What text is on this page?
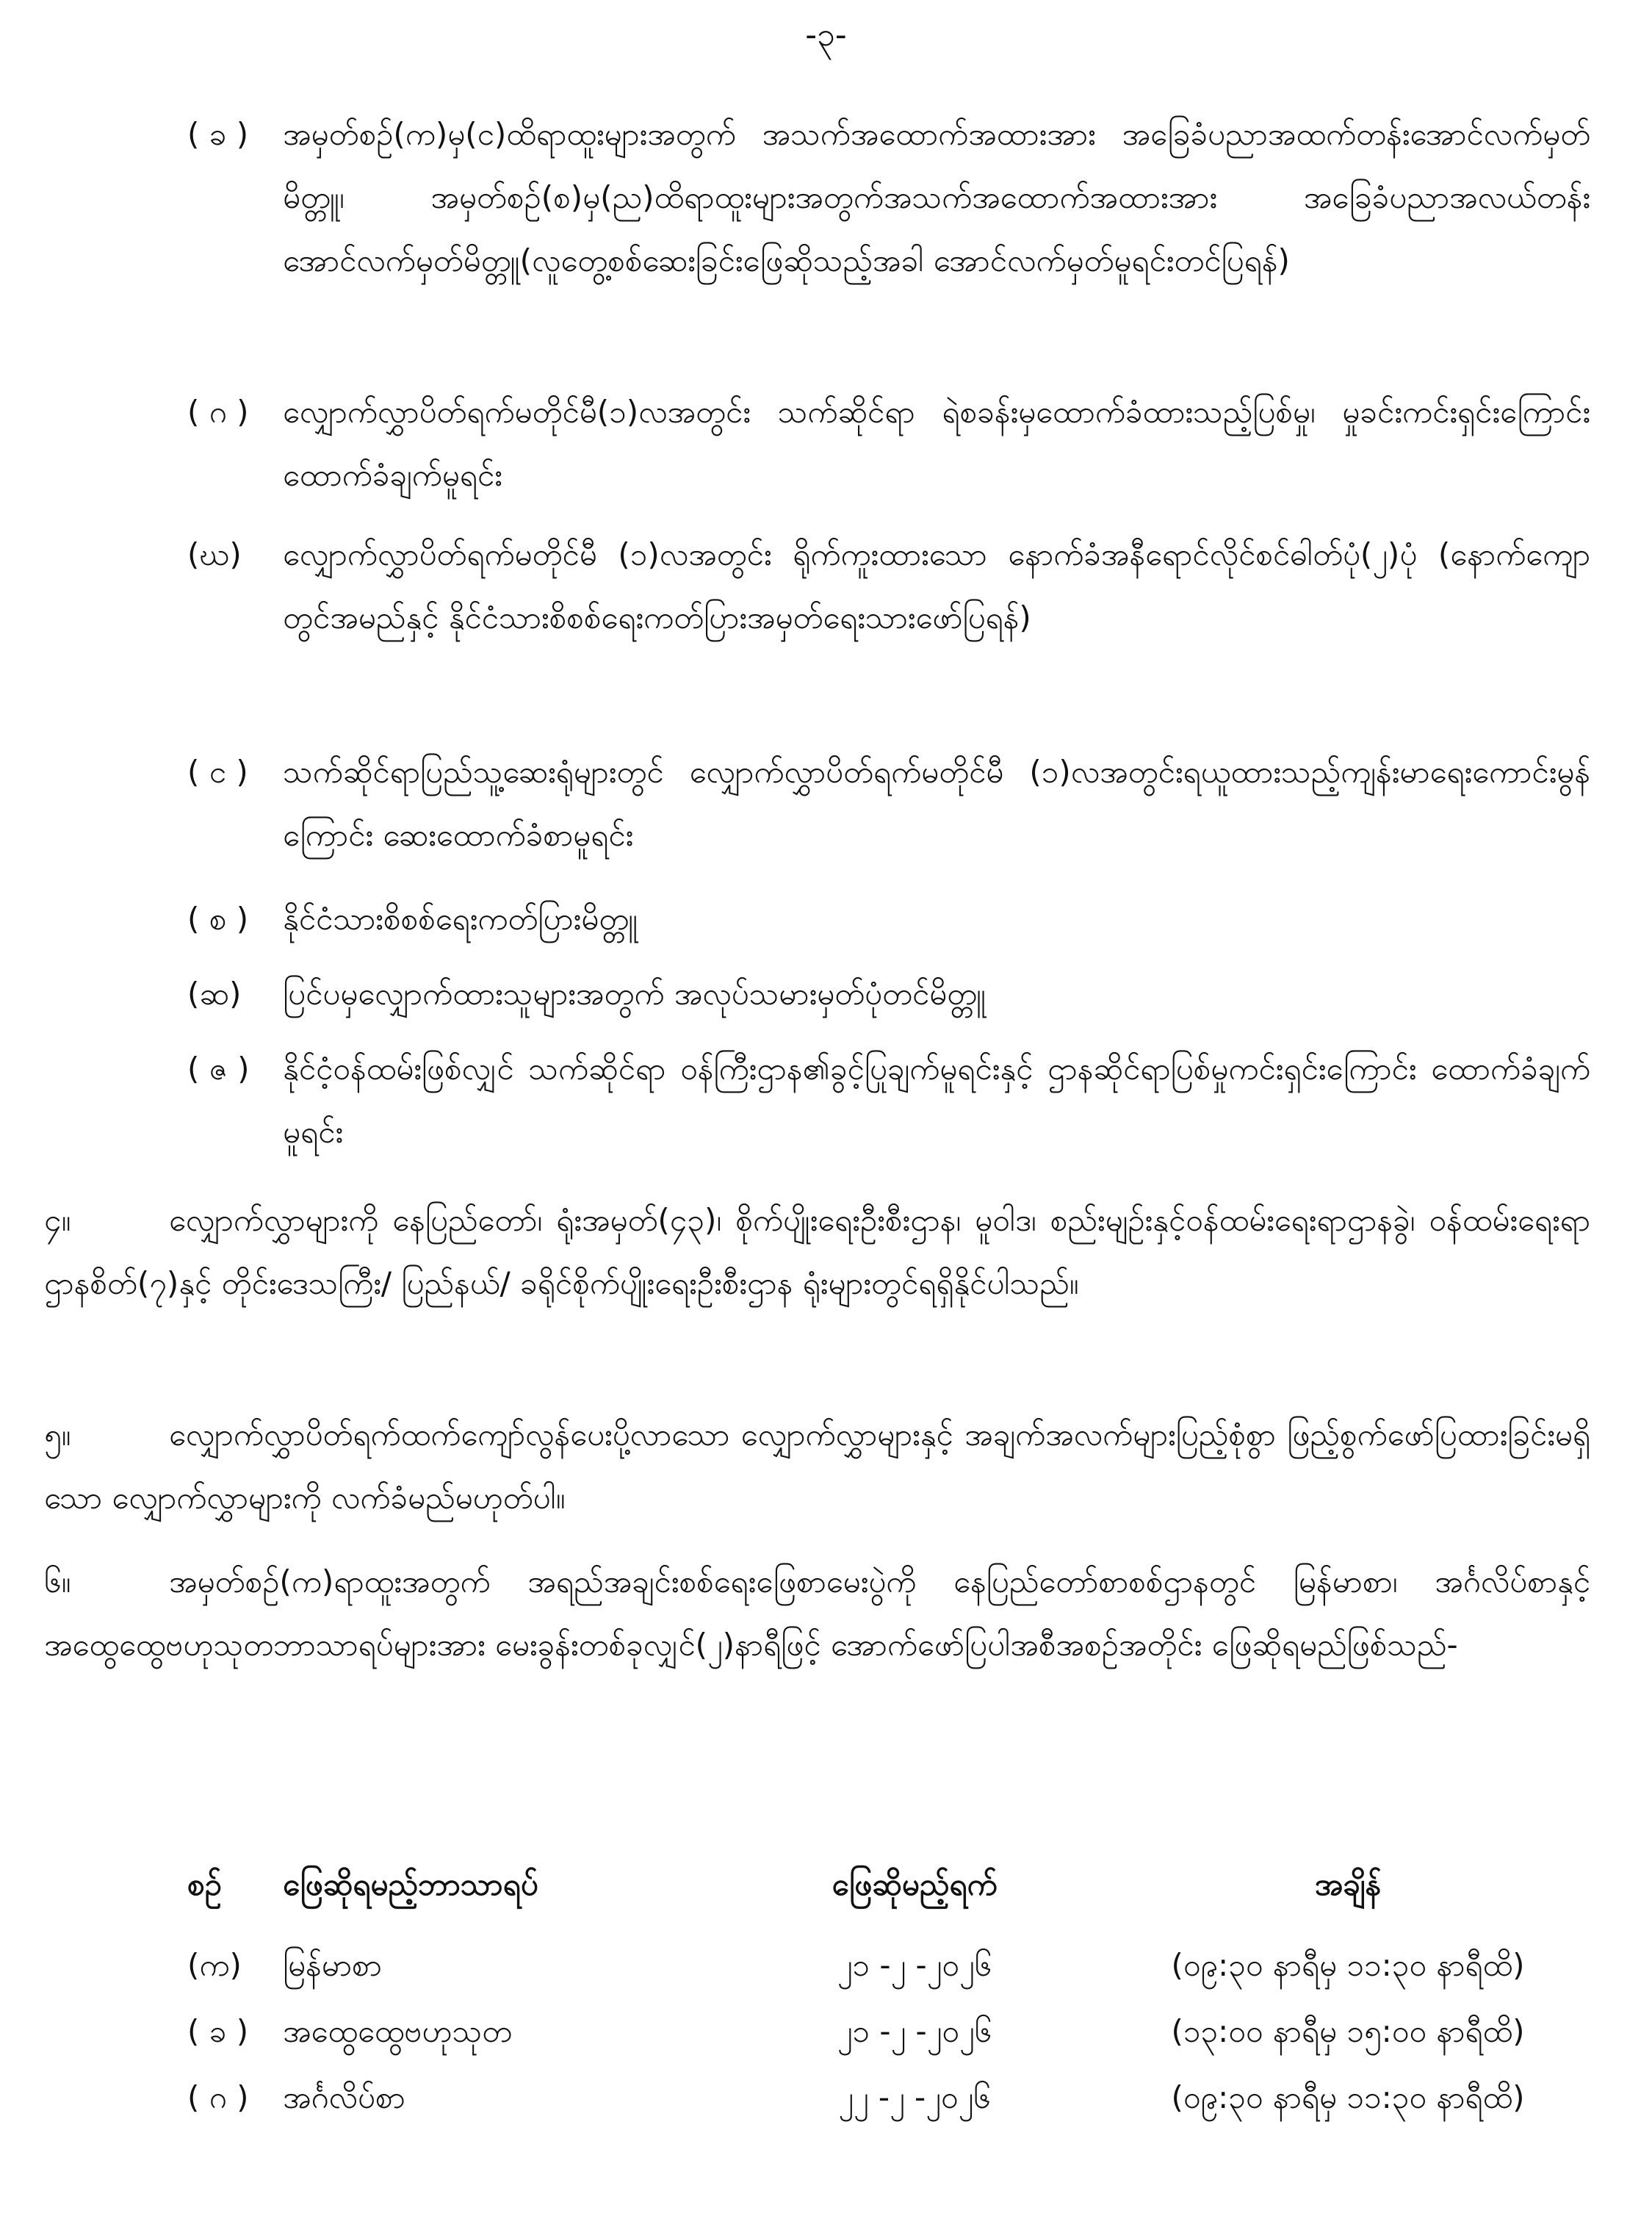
-၃-
( ခ )	အမှတ်စဉ်(က)မှ(င)ထိရာထူးများအတွက် အသက်အထောက်အထားအား အခြေခံပညာအထက်တန်းအောင်လက်မှတ်မိတ္တူ၊ အမှတ်စဉ်(စ)မှ(ည)ထိရာထူးများအတွက်အသက်အထောက်အထားအား အခြေခံပညာအလယ်တန်းအောင်လက်မှတ်မိတ္တူ(လူတွေ့စစ်ဆေးခြင်းဖြေဆိုသည့်အခါ အောင်လက်မှတ်မူရင်းတင်ပြရန်)
( ဂ )	လျှောက်လွှာပိတ်ရက်မတိုင်မီ(၁)လအတွင်း သက်ဆိုင်ရာ ရဲစခန်းမှထောက်ခံထားသည့်ပြစ်မှု၊ မှုခင်းကင်းရှင်းကြောင်းထောက်ခံချက်မူရင်း
(ဃ)	လျှောက်လွှာပိတ်ရက်မတိုင်မီ (၁)လအတွင်း ရိုက်ကူးထားသော နောက်ခံအနီရောင်လိုင်စင်ဓါတ်ပုံ(၂)ပုံ (နောက်ကျောတွင်အမည်နှင့် နိုင်ငံသားစိစစ်ရေးကတ်ပြားအမှတ်ရေးသားဖော်ပြရန်)
( င )	သက်ဆိုင်ရာပြည်သူ့ဆေးရုံများတွင် လျှောက်လွှာပိတ်ရက်မတိုင်မီ (၁)လအတွင်းရယူထားသည့်ကျန်းမာရေးကောင်းမွန်ကြောင်း ဆေးထောက်ခံစာမူရင်း
( စ )	နိုင်ငံသားစိစစ်ရေးကတ်ပြားမိတ္တူ
(ဆ)	ပြင်ပမှလျှောက်ထားသူများအတွက် အလုပ်သမားမှတ်ပုံတင်မိတ္တူ
( ဇ )	နိုင်ငံ့ဝန်ထမ်းဖြစ်လျှင် သက်ဆိုင်ရာ ဝန်ကြီးဌာန၏ခွင့်ပြုချက်မူရင်းနှင့် ဌာနဆိုင်ရာပြစ်မှုကင်းရှင်းကြောင်း ထောက်ခံချက်မူရင်း
၄။	လျှောက်လွှာများကို နေပြည်တော်၊ ရုံးအမှတ်(၄၃)၊ စိုက်ပျိုးရေးဦးစီးဌာန၊ မူဝါဒ၊ စည်းမျဉ်းနှင့်ဝန်ထမ်းရေးရာဌာနခွဲ၊ ဝန်ထမ်းရေးရာဌာနစိတ်(၇)နှင့် တိုင်းဒေသကြီး/ ပြည်နယ်/ ခရိုင်စိုက်ပျိုးရေးဦးစီးဌာန ရုံးများတွင်ရရှိနိုင်ပါသည်။
၅။	လျှောက်လွှာပိတ်ရက်ထက်ကျော်လွန်ပေးပို့လာသော လျှောက်လွှာများနှင့် အချက်အလက်များပြည့်စုံစွာ ဖြည့်စွက်ဖော်ပြထားခြင်းမရှိသော လျှောက်လွှာများကို လက်ခံမည်မဟုတ်ပါ။
၆။	အမှတ်စဉ်(က)ရာထူးအတွက် အရည်အချင်းစစ်ရေးဖြေစာမေးပွဲကို နေပြည်တော်စာစစ်ဌာနတွင် မြန်မာစာ၊ အင်္ဂလိပ်စာနှင့် အထွေထွေဗဟုသုတဘာသာရပ်များအား မေးခွန်းတစ်ခုလျှင်(၂)နာရီဖြင့် အောက်ဖော်ပြပါအစီအစဉ်အတိုင်း ဖြေဆိုရမည်ဖြစ်သည်-
စဉ်	ဖြေဆိုရမည့်ဘာသာရပ်	ဖြေဆိုမည့်ရက်	အချိန်
(က)	မြန်မာစာ	၂၁ -၂ -၂၀၂၆	(၀၉:၃၀ နာရီမှ ၁၁:၃၀ နာရီထိ)
( ခ )	အထွေထွေဗဟုသုတ	၂၁ -၂ -၂၀၂၆	(၁၃:၀၀ နာရီမှ ၁၅:၀၀ နာရီထိ)
( ဂ )	အင်္ဂလိပ်စာ	၂၂ -၂ -၂၀၂၆	(၀၉:၃၀ နာရီမှ ၁၁:၃၀ နာရီထိ)
